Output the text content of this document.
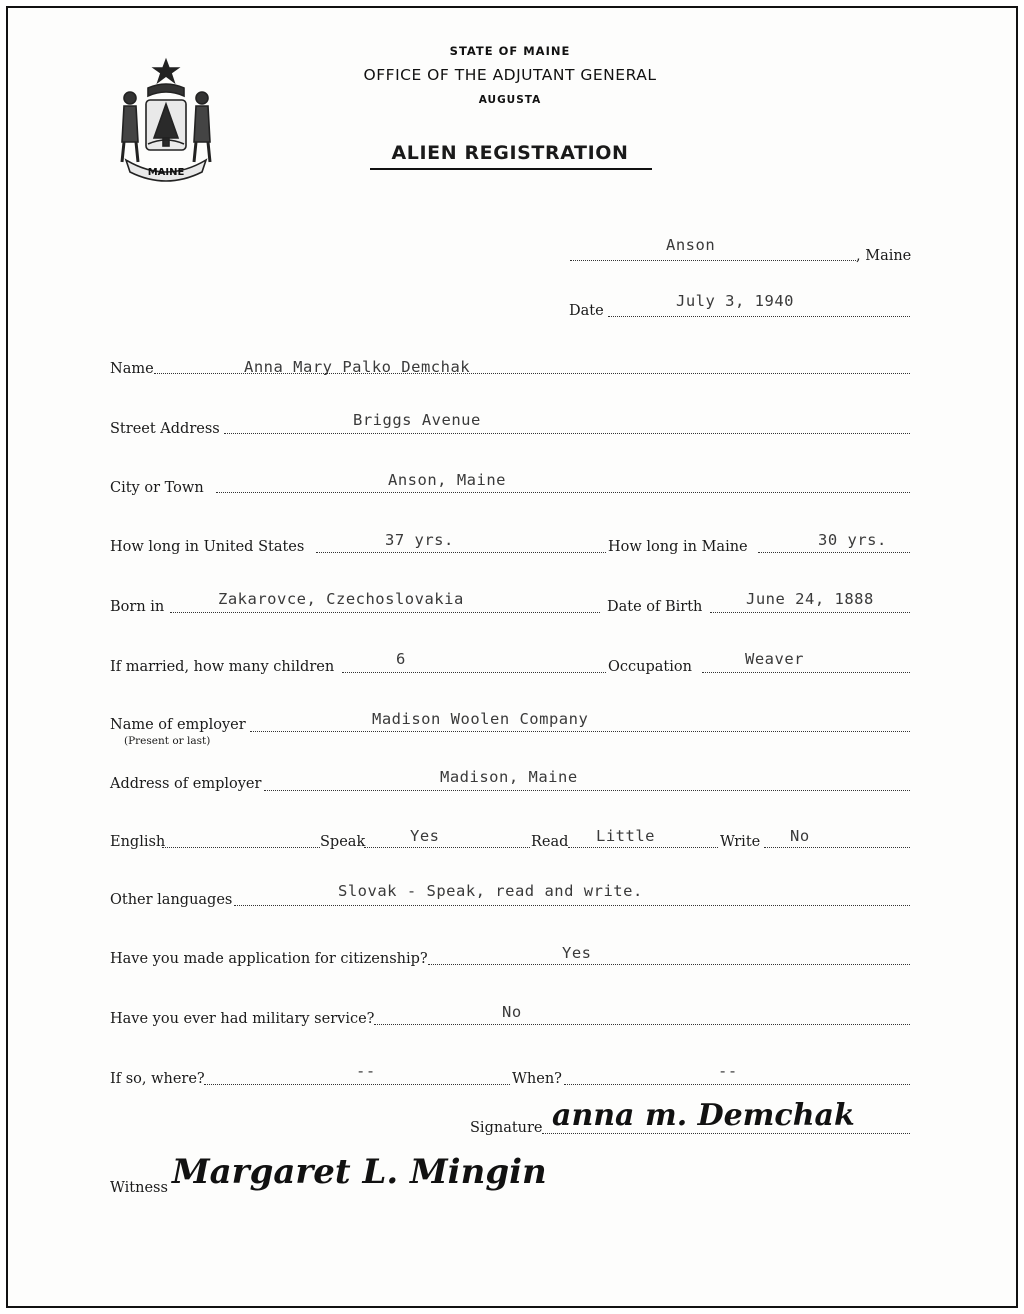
MAINE
STATE OF MAINE
OFFICE OF THE ADJUTANT GENERAL
AUGUSTA
ALIEN REGISTRATION
Anson
, Maine
Date
July 3, 1940
Name	Anna Mary Palko Demchak
Street Address	Briggs Avenue
City or Town	Anson, Maine
How long in United States	37 yrs.	How long in Maine	30 yrs.
Born in	Zakarovce, Czechoslovakia	Date of Birth	June 24, 1888
If married, how many children	6	Occupation	Weaver
Name of employer
(Present or last)
Madison Woolen Company
Address of employer	Madison, Maine
English	Speak	Yes	Read Little	Write No
Other languages	Slovak - Speak, read and write.
Have you made application for citizenship?	Yes
Have you ever had military service?	No
If so, where?	--	When?	--
Signature anna m. Demchak
Witness Margaret L. Mingin
